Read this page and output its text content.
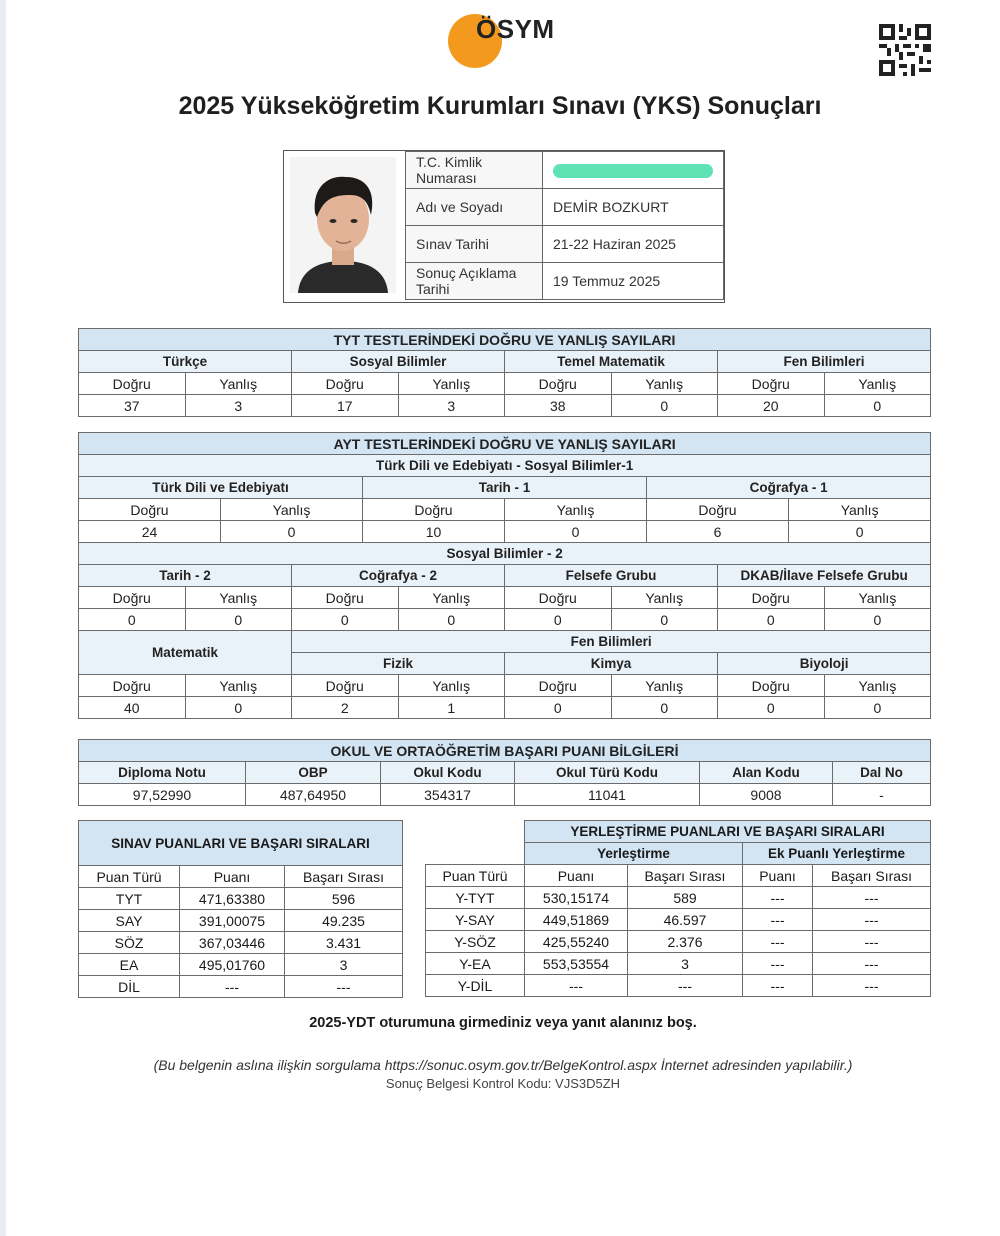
ÖSYM
2025 Yükseköğretim Kurumları Sınavı (YKS) Sonuçları
T.C. Kimlik Numarası	
Adı ve Soyadı	DEMİR BOZKURT
Sınav Tarihi	21-22 Haziran 2025
Sonuç Açıklama Tarihi	19 Temmuz 2025
TYT TESTLERİNDEKİ DOĞRU VE YANLIŞ SAYILARI							
Türkçe		Sosyal Bilimler		Temel Matematik		Fen Bilimleri	
Doğru	Yanlış	Doğru	Yanlış	Doğru	Yanlış	Doğru	Yanlış
37	3	17	3	38	0	20	0
AYT TESTLERİNDEKİ DOĞRU VE YANLIŞ SAYILARI											
Türk Dili ve Edebiyatı - Sosyal Bilimler-1											
Türk Dili ve Edebiyatı				Tarih - 1				Coğrafya - 1			
Doğru		Yanlış		Doğru		Yanlış		Doğru		Yanlış	
24		0		10		0		6		0	
Sosyal Bilimler - 2											
Tarih - 2			Coğrafya - 2			Felsefe Grubu			DKAB/İlave Felsefe Grubu		
Doğru	Yanlış		Doğru		Yanlış	Doğru	Yanlış		Doğru		Yanlış
0	0		0		0	0	0		0		0
Matematik			Fen Bilimleri								
			Fizik			Kimya			Biyoloji		
Doğru	Yanlış		Doğru		Yanlış	Doğru	Yanlış		Doğru		Yanlış
40	0		2		1	0	0		0		0
OKUL VE ORTAÖĞRETİM BAŞARI PUANI BİLGİLERİ					
Diploma Notu	OBP	Okul Kodu	Okul Türü Kodu	Alan Kodu	Dal No
97,52990	487,64950	354317	11041	9008	-
SINAV PUANLARI VE BAŞARI SIRALARI		
Puan Türü	Puanı	Başarı Sırası
TYT	471,63380	596
SAY	391,00075	49.235
SÖZ	367,03446	3.431
EA	495,01760	3
DİL	---	---
	YERLEŞTİRME PUANLARI VE BAŞARI SIRALARI			
	Yerleştirme		Ek Puanlı Yerleştirme	
Puan Türü	Puanı	Başarı Sırası	Puanı	Başarı Sırası
Y-TYT	530,15174	589	---	---
Y-SAY	449,51869	46.597	---	---
Y-SÖZ	425,55240	2.376	---	---
Y-EA	553,53554	3	---	---
Y-DİL	---	---	---	---
2025-YDT oturumuna girmediniz veya yanıt alanınız boş.
(Bu belgenin aslına ilişkin sorgulama https://sonuc.osym.gov.tr/BelgeKontrol.aspx İnternet adresinden yapılabilir.)
Sonuç Belgesi Kontrol Kodu: VJS3D5ZH
